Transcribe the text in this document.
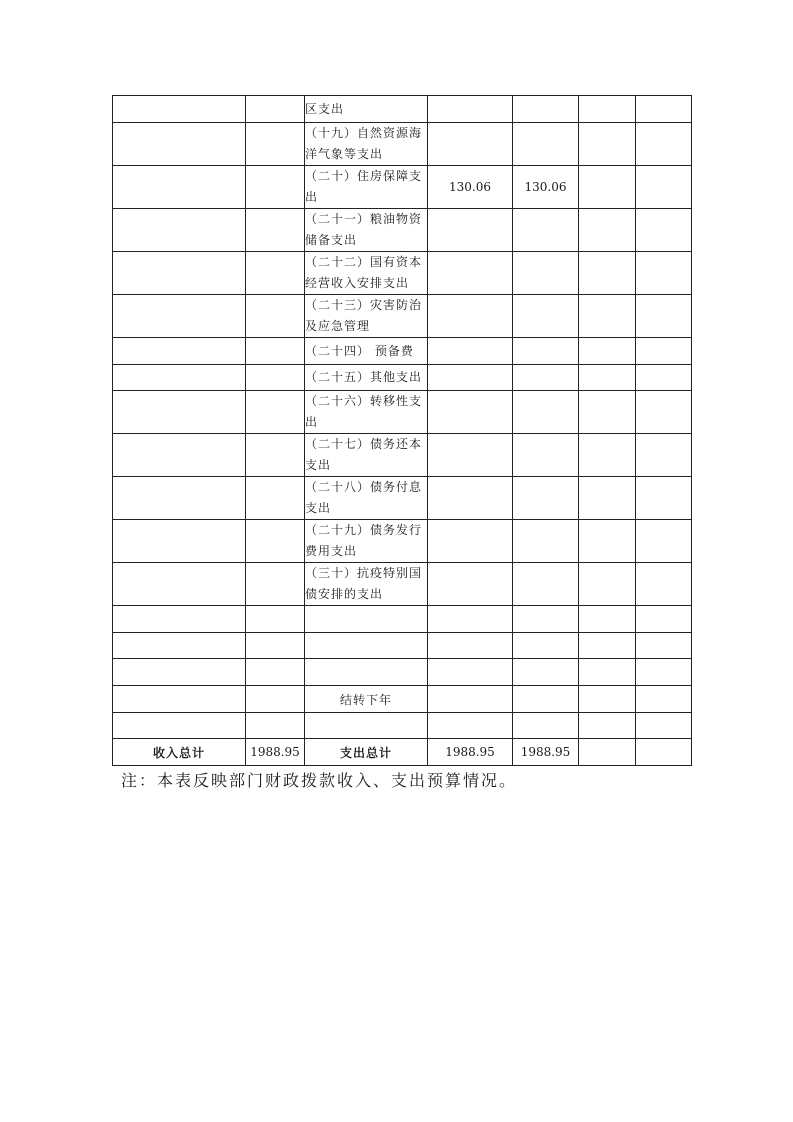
		区支出				
		（十九）自然资源海洋气象等支出				
		（二十）住房保障支出	130.06	130.06		
		（二十一）粮油物资储备支出				
		（二十二）国有资本经营收入安排支出				
		（二十三）灾害防治及应急管理				
		（二十四） 预备费				
		（二十五）其他支出				
		（二十六）转移性支出				
		（二十七）债务还本支出				
		（二十八）债务付息支出				
		（二十九）债务发行费用支出				
		（三十）抗疫特别国债安排的支出				

		结转下年				

收入总计	1988.95	支出总计	1988.95	1988.95		
注：本表反映部门财政拨款收入、支出预算情况。
